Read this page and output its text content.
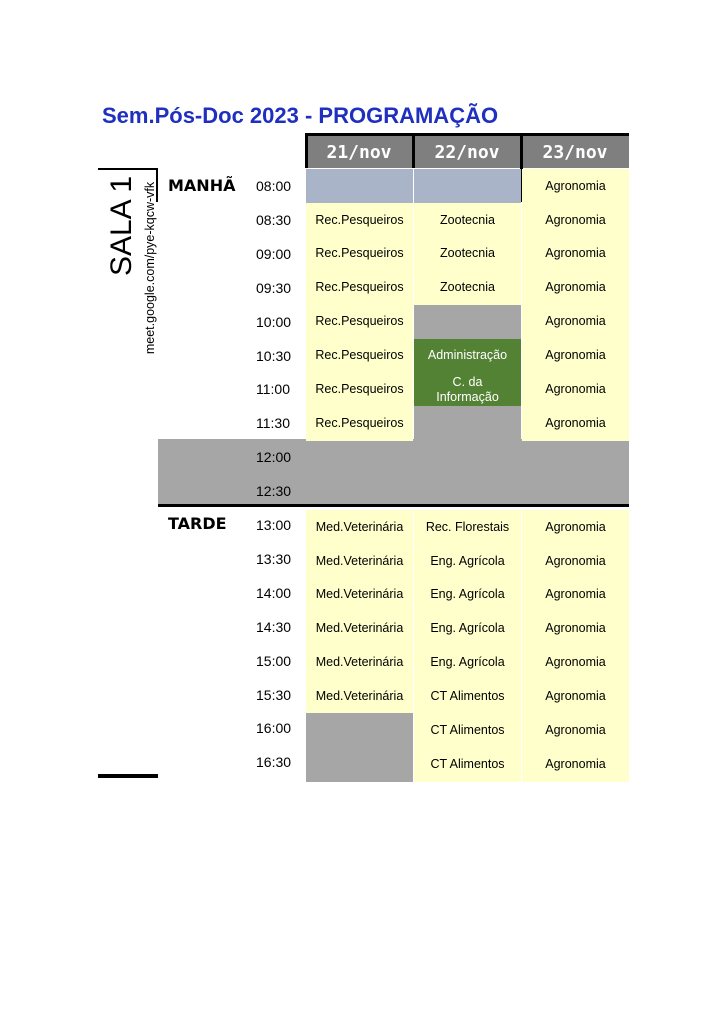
Sem.Pós-Doc 2023 - PROGRAMAÇÃO
21/nov	22/nov	23/nov
SALA 1 meet.google.com/pye-kqcw-vfk MANHÃ
TARDE
08:00
08:30
09:00
09:30
10:00
10:30
11:00
11:30
12:00
12:30
13:00
13:30
14:00
14:30
15:00
15:30
16:00
16:30
Rec.Pesqueiros
Rec.Pesqueiros
Rec.Pesqueiros
Rec.Pesqueiros
Rec.Pesqueiros
Rec.Pesqueiros
Rec.Pesqueiros
Med.Veterinária
Med.Veterinária
Med.Veterinária
Med.Veterinária
Med.Veterinária
Med.Veterinária
Zootecnia
Zootecnia
Zootecnia
Administração
C. da Informação
Rec. Florestais
Eng. Agrícola
Eng. Agrícola
Eng. Agrícola
Eng. Agrícola
CT Alimentos
CT Alimentos
CT Alimentos
Agronomia
Agronomia
Agronomia
Agronomia
Agronomia
Agronomia
Agronomia
Agronomia
Agronomia
Agronomia
Agronomia
Agronomia
Agronomia
Agronomia
Agronomia
Agronomia
